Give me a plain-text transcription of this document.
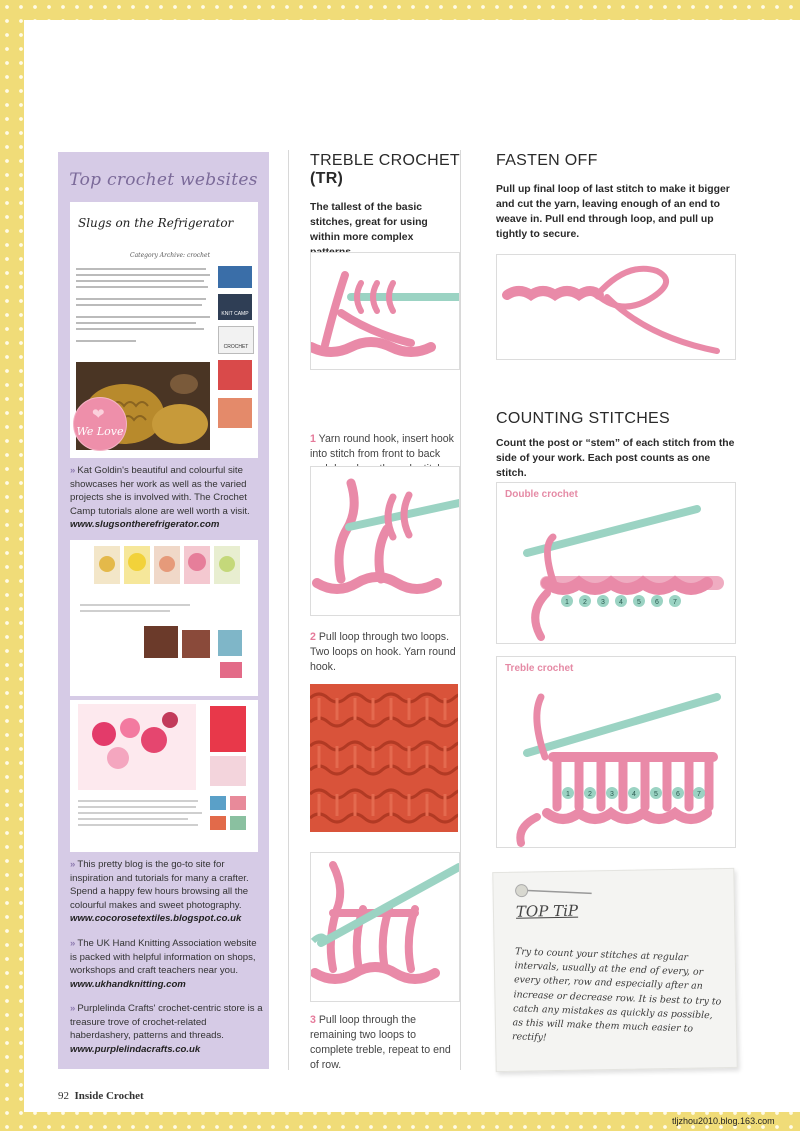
Top crochet websites
Slugs on the Refrigerator
Category Archive: crochet
KNIT CAMP
CROCHET
❤
We Love
» Kat Goldin's beautiful and colourful site showcases her work as well as the varied projects she is involved with. The Crochet Camp tutorials alone are well worth a visit.
www.slugsontherefrigerator.com
» This pretty blog is the go-to site for inspiration and tutorials for many a crafter. Spend a happy few hours browsing all the colourful makes and sweet photography.
www.cocorosetextiles.blogspot.co.uk
» The UK Hand Knitting Association website is packed with helpful information on shops, workshops and craft teachers near you.
www.ukhandknitting.com
» Purplelinda Crafts' crochet-centric store is a treasure trove of crochet-related haberdashery, patterns and threads.
www.purplelindacrafts.co.uk
TREBLE CROCHET
(TR)
The tallest of the basic stitches, great for using within more complex
1 Yarn round hook, insert hook into stitch from front to back
2 Pull loop through two loops. Two loops on hook. Yarn round hook.
3 Pull loop through the remaining two loops to complete treble, repeat to end of row.
FASTEN OFF
Pull up final loop of last stitch to make it bigger and cut the yarn, leaving enough of an end to weave in. Pull end through loop, and pull up tightly to secure.
COUNTING STITCHES
Count the post or “stem” of each stitch from the side of your work. Each post counts as one stitch.
Double crochet
1 2 3 4 5 6 7
Treble crochet
1	2	3	4	5	6 7
TOP TiP
Try to count your stitches at regular intervals, usually at the end of every, or every other, row and especially after an increase or decrease row. It is best to try to catch any mistakes as quickly as possible, as this will make them much easier to rectify!
92 Inside Crochet
tljzhou2010.blog.163.com
